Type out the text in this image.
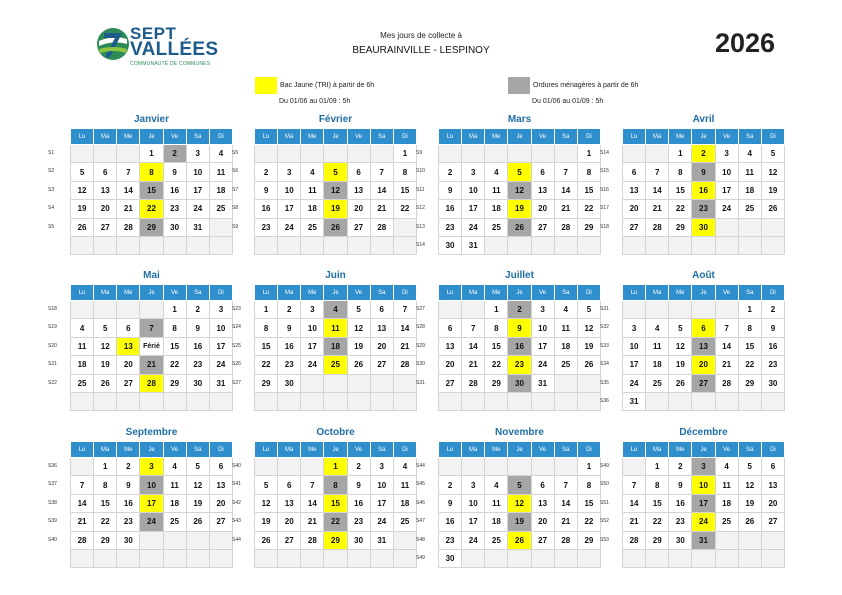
SEPT
VALLÉES
COMMUNAUTÉ DE COMMUNES
Mes jours de collecte à
BEAURAINVILLE - LESPINOY	2026
Bac Jaune (TRI) à partir de 6h
Du 01/06 au 01/09 : 5h
Ordures ménagères à partir de 6h
Du 01/06 au 01/09 : 5h
Janvier
S1
S2
S3
S4
S5
Lu	Ma	Me	Je	Ve	Sa	Di
			1	2	3	4
5	6	7	8	9	10	11
12	13	14	15	16	17	18
19	20	21	22	23	24	25
26	27	28	29	30	31	

Février
S5
S6
S7
S8
S9
Lu	Ma	Me	Je	Ve	Sa	Di
						1
2	3	4	5	6	7	8
9	10	11	12	13	14	15
16	17	18	19	20	21	22
23	24	25	26	27	28	

Mars
S9
S10
S11
S12
S13
S14
Lu	Ma	Me	Je	Ve	Sa	Di
						1
2	3	4	5	6	7	8
9	10	11	12	13	14	15
16	17	18	19	20	21	22
23	24	25	26	27	28	29
30	31					
Avril
S14
S15
S16
S17
S18
Lu	Ma	Me	Je	Ve	Sa	Di
		1	2	3	4	5
6	7	8	9	10	11	12
13	14	15	16	17	18	19
20	21	22	23	24	25	26
27	28	29	30			

Mai
S18
S19
S20
S21
S22
Lu	Ma	Me	Je	Ve	Sa	Di
				1	2	3
4	5	6	7	8	9	10
11	12	13	Férié	15	16	17
18	19	20	21	22	23	24
25	26	27	28	29	30	31

Juin
S23
S24
S25
S26
S27
Lu	Ma	Me	Je	Ve	Sa	Di
1	2	3	4	5	6	7
8	9	10	11	12	13	14
15	16	17	18	19	20	21
22	23	24	25	26	27	28
29	30					

Juillet
S27
S28
S29
S30
S31
Lu	Ma	Me	Je	Ve	Sa	Di
		1	2	3	4	5
6	7	8	9	10	11	12
13	14	15	16	17	18	19
20	21	22	23	24	25	26
27	28	29	30	31		

Août
S31
S32
S33
S34
S35
S36
Lu	Ma	Me	Je	Ve	Sa	Di
					1	2
3	4	5	6	7	8	9
10	11	12	13	14	15	16
17	18	19	20	21	22	23
24	25	26	27	28	29	30
31						
Septembre
S36
S37
S38
S39
S40
Lu	Ma	Me	Je	Ve	Sa	Di
	1	2	3	4	5	6
7	8	9	10	11	12	13
14	15	16	17	18	19	20
21	22	23	24	25	26	27
28	29	30				

Octobre
S40
S41
S42
S43
S44
Lu	Ma	Me	Je	Ve	Sa	Di
			1	2	3	4
5	6	7	8	9	10	11
12	13	14	15	16	17	18
19	20	21	22	23	24	25
26	27	28	29	30	31	

Novembre
S44
S45
S46
S47
S48
S49
Lu	Ma	Me	Je	Ve	Sa	Di
						1
2	3	4	5	6	7	8
9	10	11	12	13	14	15
16	17	18	19	20	21	22
23	24	25	26	27	28	29
30						
Décembre
S49
S50
S51
S52
S53
Lu	Ma	Me	Je	Ve	Sa	Di
	1	2	3	4	5	6
7	8	9	10	11	12	13
14	15	16	17	18	19	20
21	22	23	24	25	26	27
28	29	30	31			
